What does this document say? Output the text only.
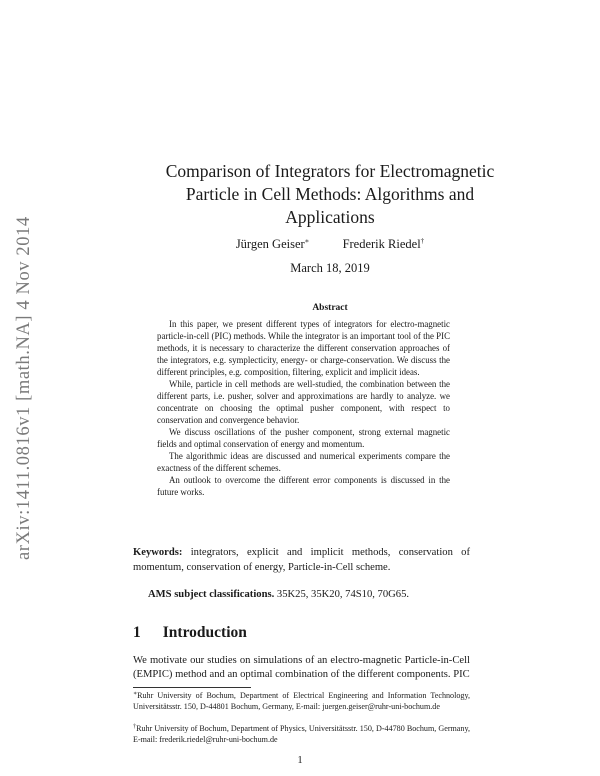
arXiv:1411.0816v1 [math.NA] 4 Nov 2014
Comparison of Integrators for Electromagnetic
Particle in Cell Methods: Algorithms and
Applications
Jürgen Geiser∗	Frederik Riedel†
March 18, 2019
Abstract

In this paper, we present different types of integrators for electro-magnetic particle-in-cell (PIC) methods. While the integrator is an important tool of the PIC methods, it is necessary to characterize the different conservation approaches of the integrators, e.g. symplecticity, energy- or charge-conservation. We discuss the different principles, e.g. composition, filtering, explicit and implicit ideas.

While, particle in cell methods are well-studied, the combination between the different parts, i.e. pusher, solver and approximations are hardly to analyze. we concentrate on choosing the optimal pusher component, with respect to conservation and convergence behavior.

We discuss oscillations of the pusher component, strong external magnetic fields and optimal conservation of energy and momentum.

The algorithmic ideas are discussed and numerical experiments compare the exactness of the different schemes.

An outlook to overcome the different error components is discussed in the future works.

Keywords: integrators, explicit and implicit methods, conservation of momentum, conservation of energy, Particle-in-Cell scheme.
AMS subject classifications. 35K25, 35K20, 74S10, 70G65.
1 Introduction
We motivate our studies on simulations of an electro-magnetic Particle-in-Cell (EMPIC) method and an optimal combination of the different components. PIC
∗Ruhr University of Bochum, Department of Electrical Engineering and Information Technology, Universitätsstr. 150, D-44801 Bochum, Germany, E-mail: juergen.geiser@ruhr-uni-bochum.de
†Ruhr University of Bochum, Department of Physics, Universitätsstr. 150, D-44780 Bochum, Germany, E-mail: frederik.riedel@ruhr-uni-bochum.de
1
